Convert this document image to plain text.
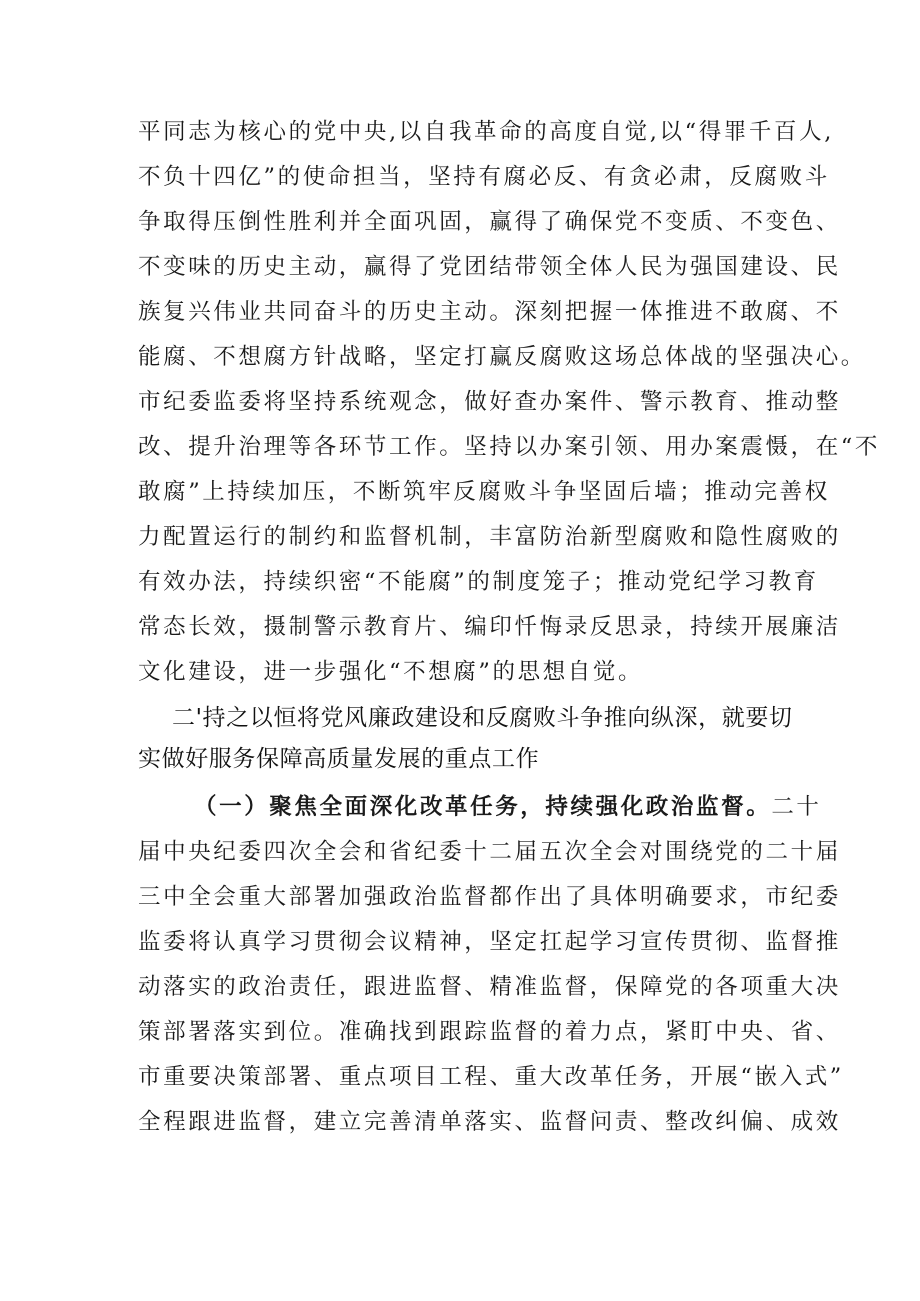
平同志为核心的党中央,以自我革命的高度自觉,以“得罪千百人,
不负十四亿”的使命担当，坚持有腐必反、有贪必肃，反腐败斗
争取得压倒性胜利并全面巩固，赢得了确保党不变质、不变色、
不变味的历史主动，赢得了党团结带领全体人民为强国建设、民
族复兴伟业共同奋斗的历史主动。深刻把握一体推进不敢腐、不
能腐、不想腐方针战略，坚定打赢反腐败这场总体战的坚强决心。
市纪委监委将坚持系统观念，做好查办案件、警示教育、推动整
改、提升治理等各环节工作。坚持以办案引领、用办案震慑，在“不
敢腐”上持续加压，不断筑牢反腐败斗争坚固后墙；推动完善权
力配置运行的制约和监督机制，丰富防治新型腐败和隐性腐败的
有效办法，持续织密“不能腐”的制度笼子；推动党纪学习教育
常态长效，摄制警示教育片、编印忏悔录反思录，持续开展廉洁
文化建设，进一步强化“不想腐”的思想自觉。
二'持之以恒将党风廉政建设和反腐败斗争推向纵深，就要切
实做好服务保障高质量发展的重点工作
（一）聚焦全面深化改革任务，持续强化政治监督。二十
届中央纪委四次全会和省纪委十二届五次全会对围绕党的二十届
三中全会重大部署加强政治监督都作出了具体明确要求，市纪委
监委将认真学习贯彻会议精神，坚定扛起学习宣传贯彻、监督推
动落实的政治责任，跟进监督、精准监督，保障党的各项重大决
策部署落实到位。准确找到跟踪监督的着力点，紧盯中央、省、
市重要决策部署、重点项目工程、重大改革任务，开展“嵌入式”
全程跟进监督，建立完善清单落实、监督问责、整改纠偏、成效
